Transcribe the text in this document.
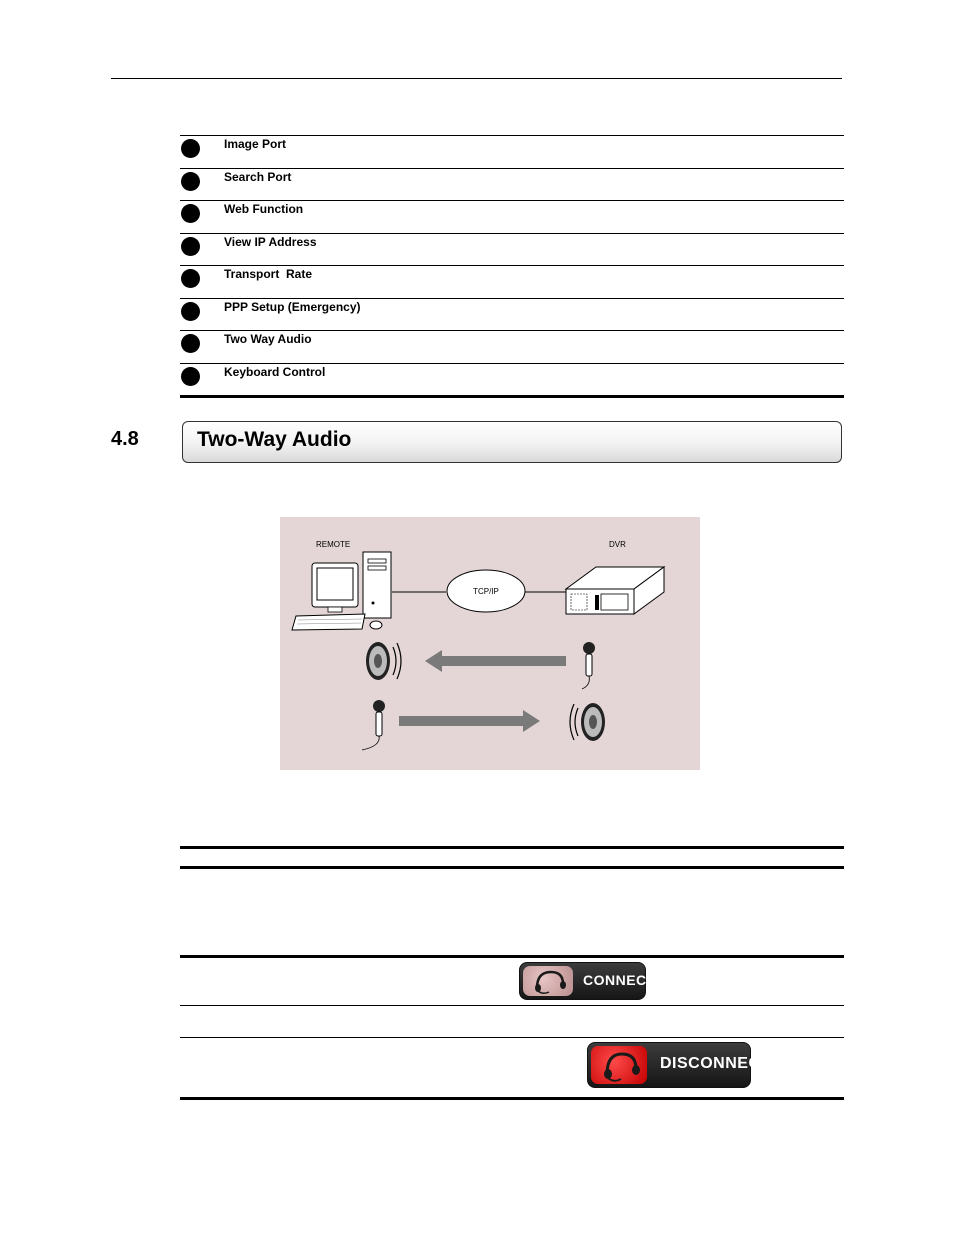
Image Port
Search Port
Web Function
View IP Address
Transport  Rate
PPP Setup (Emergency)
Two Way Audio
Keyboard Control
4.8	Two-Way Audio
REMOTE	DVR
TCP/IP
CONNECT
DISCONNECT
